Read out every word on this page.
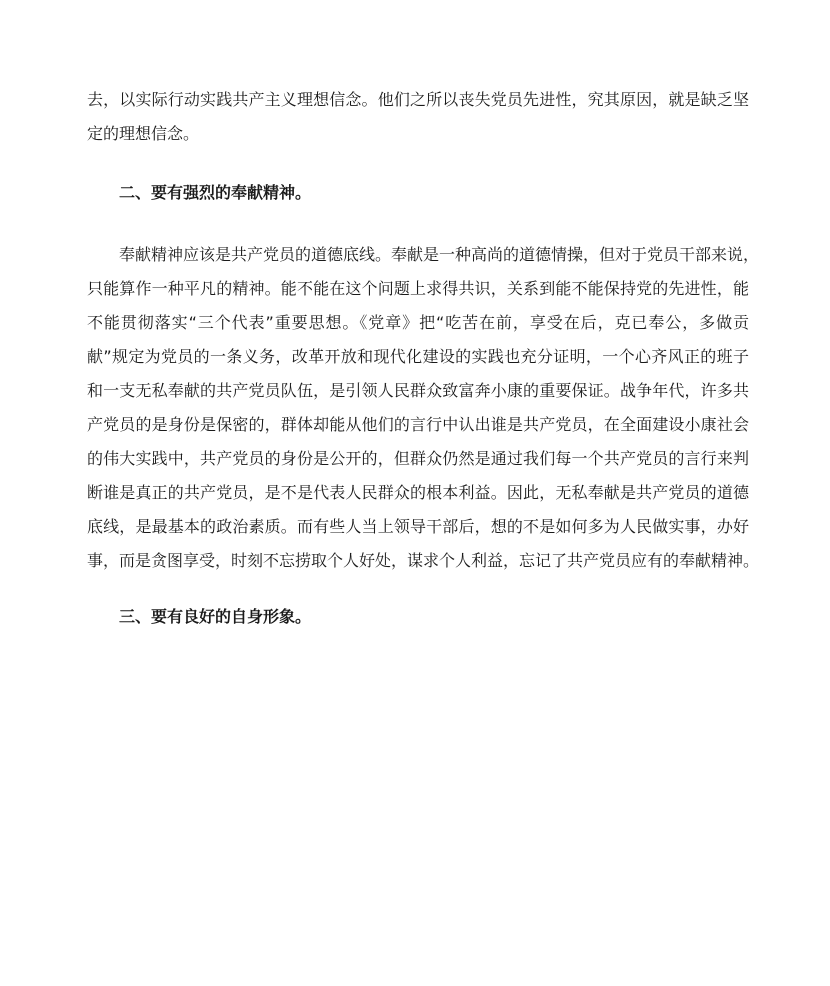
去，以实际行动实践共产主义理想信念。他们之所以丧失党员先进性，究其原因，就是缺乏坚
定的理想信念。
二、要有强烈的奉献精神。
奉献精神应该是共产党员的道德底线。奉献是一种高尚的道德情操，但对于党员干部来说，
只能算作一种平凡的精神。能不能在这个问题上求得共识，关系到能不能保持党的先进性，能
不能贯彻落实“三个代表”重要思想。《党章》把“吃苦在前，享受在后，克已奉公，多做贡
献”规定为党员的一条义务，改革开放和现代化建设的实践也充分证明，一个心齐风正的班子
和一支无私奉献的共产党员队伍，是引领人民群众致富奔小康的重要保证。战争年代，许多共
产党员的是身份是保密的，群体却能从他们的言行中认出谁是共产党员，在全面建设小康社会
的伟大实践中，共产党员的身份是公开的，但群众仍然是通过我们每一个共产党员的言行来判
断谁是真正的共产党员，是不是代表人民群众的根本利益。因此，无私奉献是共产党员的道德
底线，是最基本的政治素质。而有些人当上领导干部后，想的不是如何多为人民做实事，办好
事，而是贪图享受，时刻不忘捞取个人好处，谋求个人利益，忘记了共产党员应有的奉献精神。
三、要有良好的自身形象。
